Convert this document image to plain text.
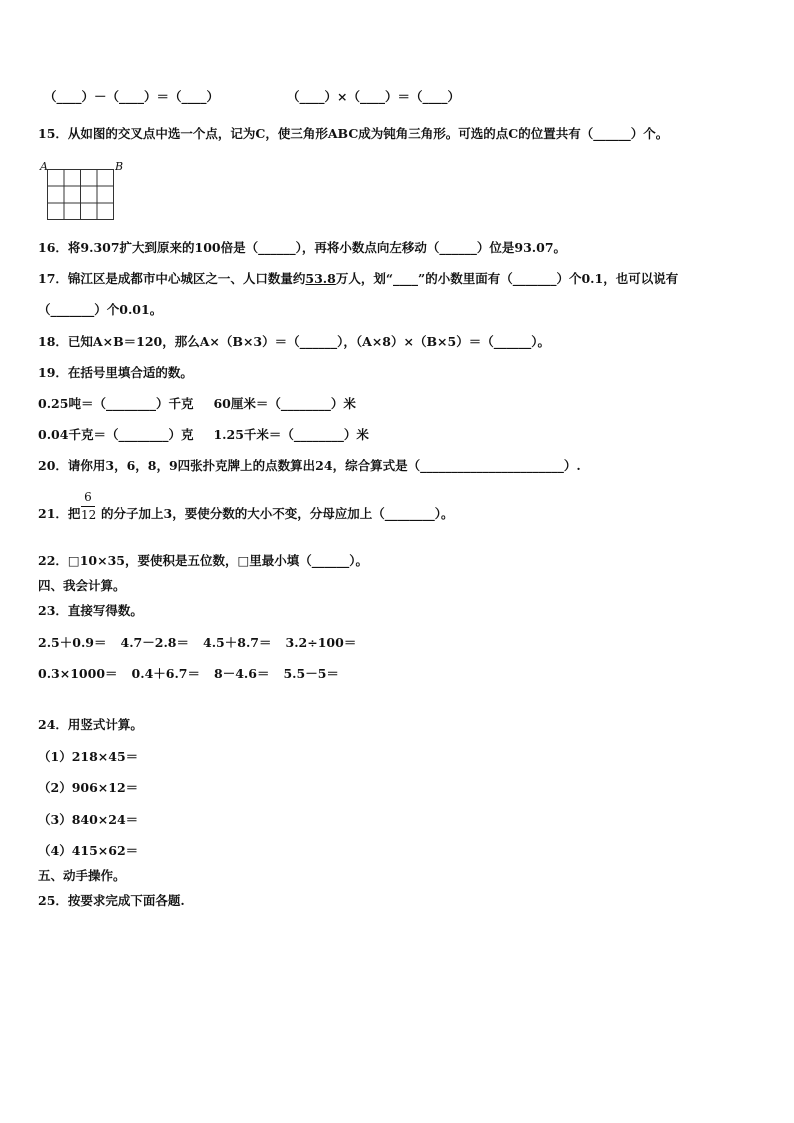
（____）－（____）＝（____）	（____）×（____）＝（____）
15．从如图的交叉点中选一个点，记为C，使三角形ABC成为钝角三角形。可选的点C的位置共有（______）个。
A	B
16．将9.307扩大到原来的100倍是（______），再将小数点向左移动（______）位是93.07。
17．锦江区是成都市中心城区之一、人口数量约53.8万人，划“____”的小数里面有（_______）个0.1，也可以说有
（_______）个0.01。
18．已知A×B＝120，那么A×（B×3）＝（______），（A×8）×（B×5）＝（______）。
19．在括号里填合适的数。
0.25吨＝（________）千克 60厘米＝（________）米
0.04千克＝（________）克 1.25千米＝（________）米
20．请你用3，6，8，9四张扑克牌上的点数算出24，综合算式是（_______________________）.
21．把
6
12 的分子加上3，要使分数的大小不变，分母应加上（________）。
22．□10×35，要使积是五位数，□里最小填（______）。
四、我会计算。
23．直接写得数。
2.5＋0.9＝ 4.7－2.8＝ 4.5＋8.7＝ 3.2÷100＝
0.3×1000＝ 0.4＋6.7＝ 8－4.6＝ 5.5－5＝
24．用竖式计算。
（1）218×45＝
（2）906×12＝
（3）840×24＝
（4）415×62＝
五、动手操作。
25．按要求完成下面各题.
